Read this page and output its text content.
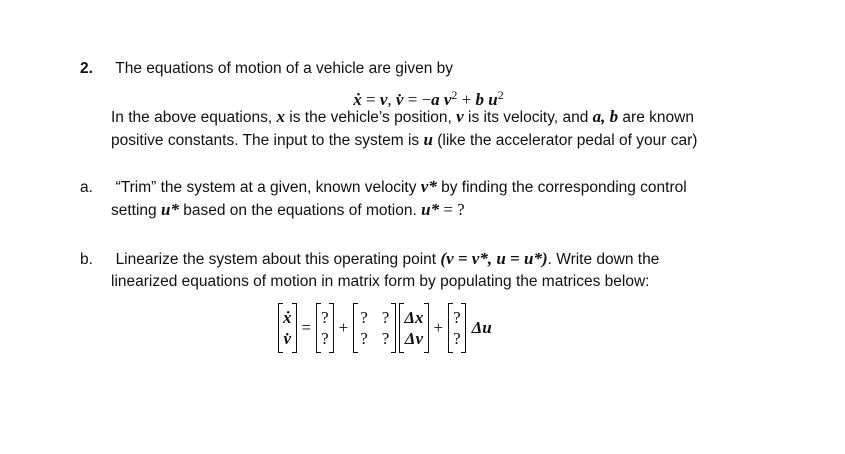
2. The equations of motion of a vehicle are given by
ẋ = v, v̇ = −a $v^2 + b$ $u^2$
In the above equations, x is the vehicle’s position, v is its velocity, and a, b are known
positive constants. The input to the system is u (like the accelerator pedal of your car)
a. “Trim” the system at a given, known velocity v* by finding the corresponding control
setting u* based on the equations of motion. u* = ?
b. Linearize the system about this operating point (v = v*, u = u*). Write down the
linearized equations of motion in matrix form by populating the matrices below:
ẋ
v̇
=
?
?
+
? ?
? ?
Δx
Δv
+
?
?
Δu
